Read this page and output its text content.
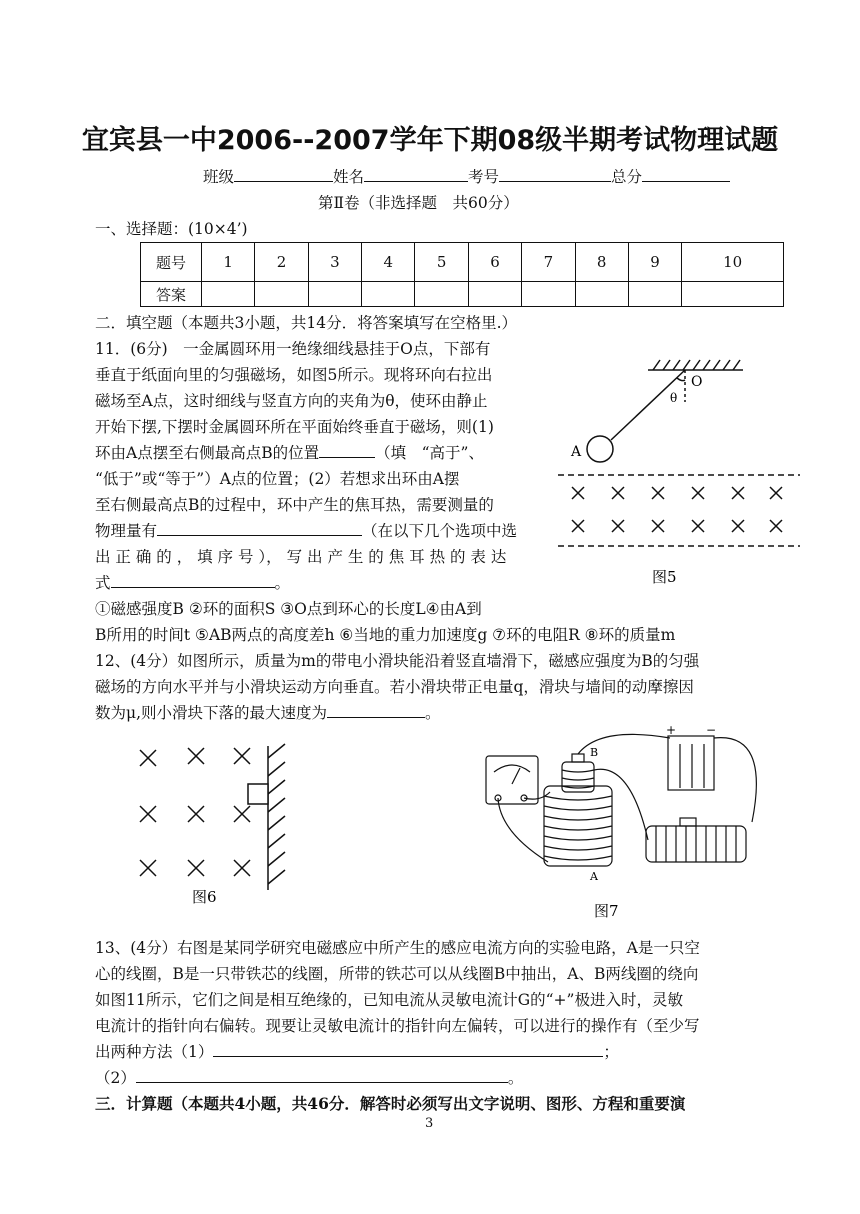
宜宾县一中2006--2007学年下期08级半期考试物理试题
班级	姓名	考号	总分
第Ⅱ卷（非选择题　共60分）
一、选择题：(10×4’)
题号	1	2	3	4	5	6	7	8	9	10
答案										
二．填空题（本题共3小题，共14分．将答案填写在空格里.）
11．(6分)　一金属圆环用一绝缘细线悬挂于O点，下部有
垂直于纸面向里的匀强磁场，如图5所示。现将环向右拉出
磁场至A点，这时细线与竖直方向的夹角为θ，使环由静止
开始下摆,下摆时金属圆环所在平面始终垂直于磁场，则(1)
环由A点摆至右侧最高点B的位置	（填　“高于”、
“低于”或“等于”）A点的位置；(2）若想求出环由A摆
至右侧最高点B的过程中，环中产生的焦耳热，需要测量的
物理量有	（在以下几个选项中选
出 正 确 的 ， 填 序 号 ）， 写 出 产 生 的 焦 耳 热 的 表 达
式	。
①磁感强度B ②环的面积S ③O点到环心的长度L④由A到
B所用的时间t ⑤AB两点的高度差h ⑥当地的重力加速度g ⑦环的电阻R ⑧环的质量m
O
θ
A
图5
12、(4分）如图所示，质量为m的带电小滑块能沿着竖直墙滑下，磁感应强度为B的匀强
磁场的方向水平并与小滑块运动方向垂直。若小滑块带正电量q，滑块与墙间的动摩擦因
数为μ,则小滑块下落的最大速度为	。
图6
B
A
+ −
图7
13、(4分）右图是某同学研究电磁感应中所产生的感应电流方向的实验电路，A是一只空
心的线圈，B是一只带铁芯的线圈，所带的铁芯可以从线圈B中抽出，A、B两线圈的绕向
如图11所示，它们之间是相互绝缘的，已知电流从灵敏电流计G的“+”极进入时，灵敏
电流计的指针向右偏转。现要让灵敏电流计的指针向左偏转，可以进行的操作有（至少写
出两种方法（1）	；
（2）	。
三．计算题（本题共4小题，共46分．解答时必须写出文字说明、图形、方程和重要演
3
